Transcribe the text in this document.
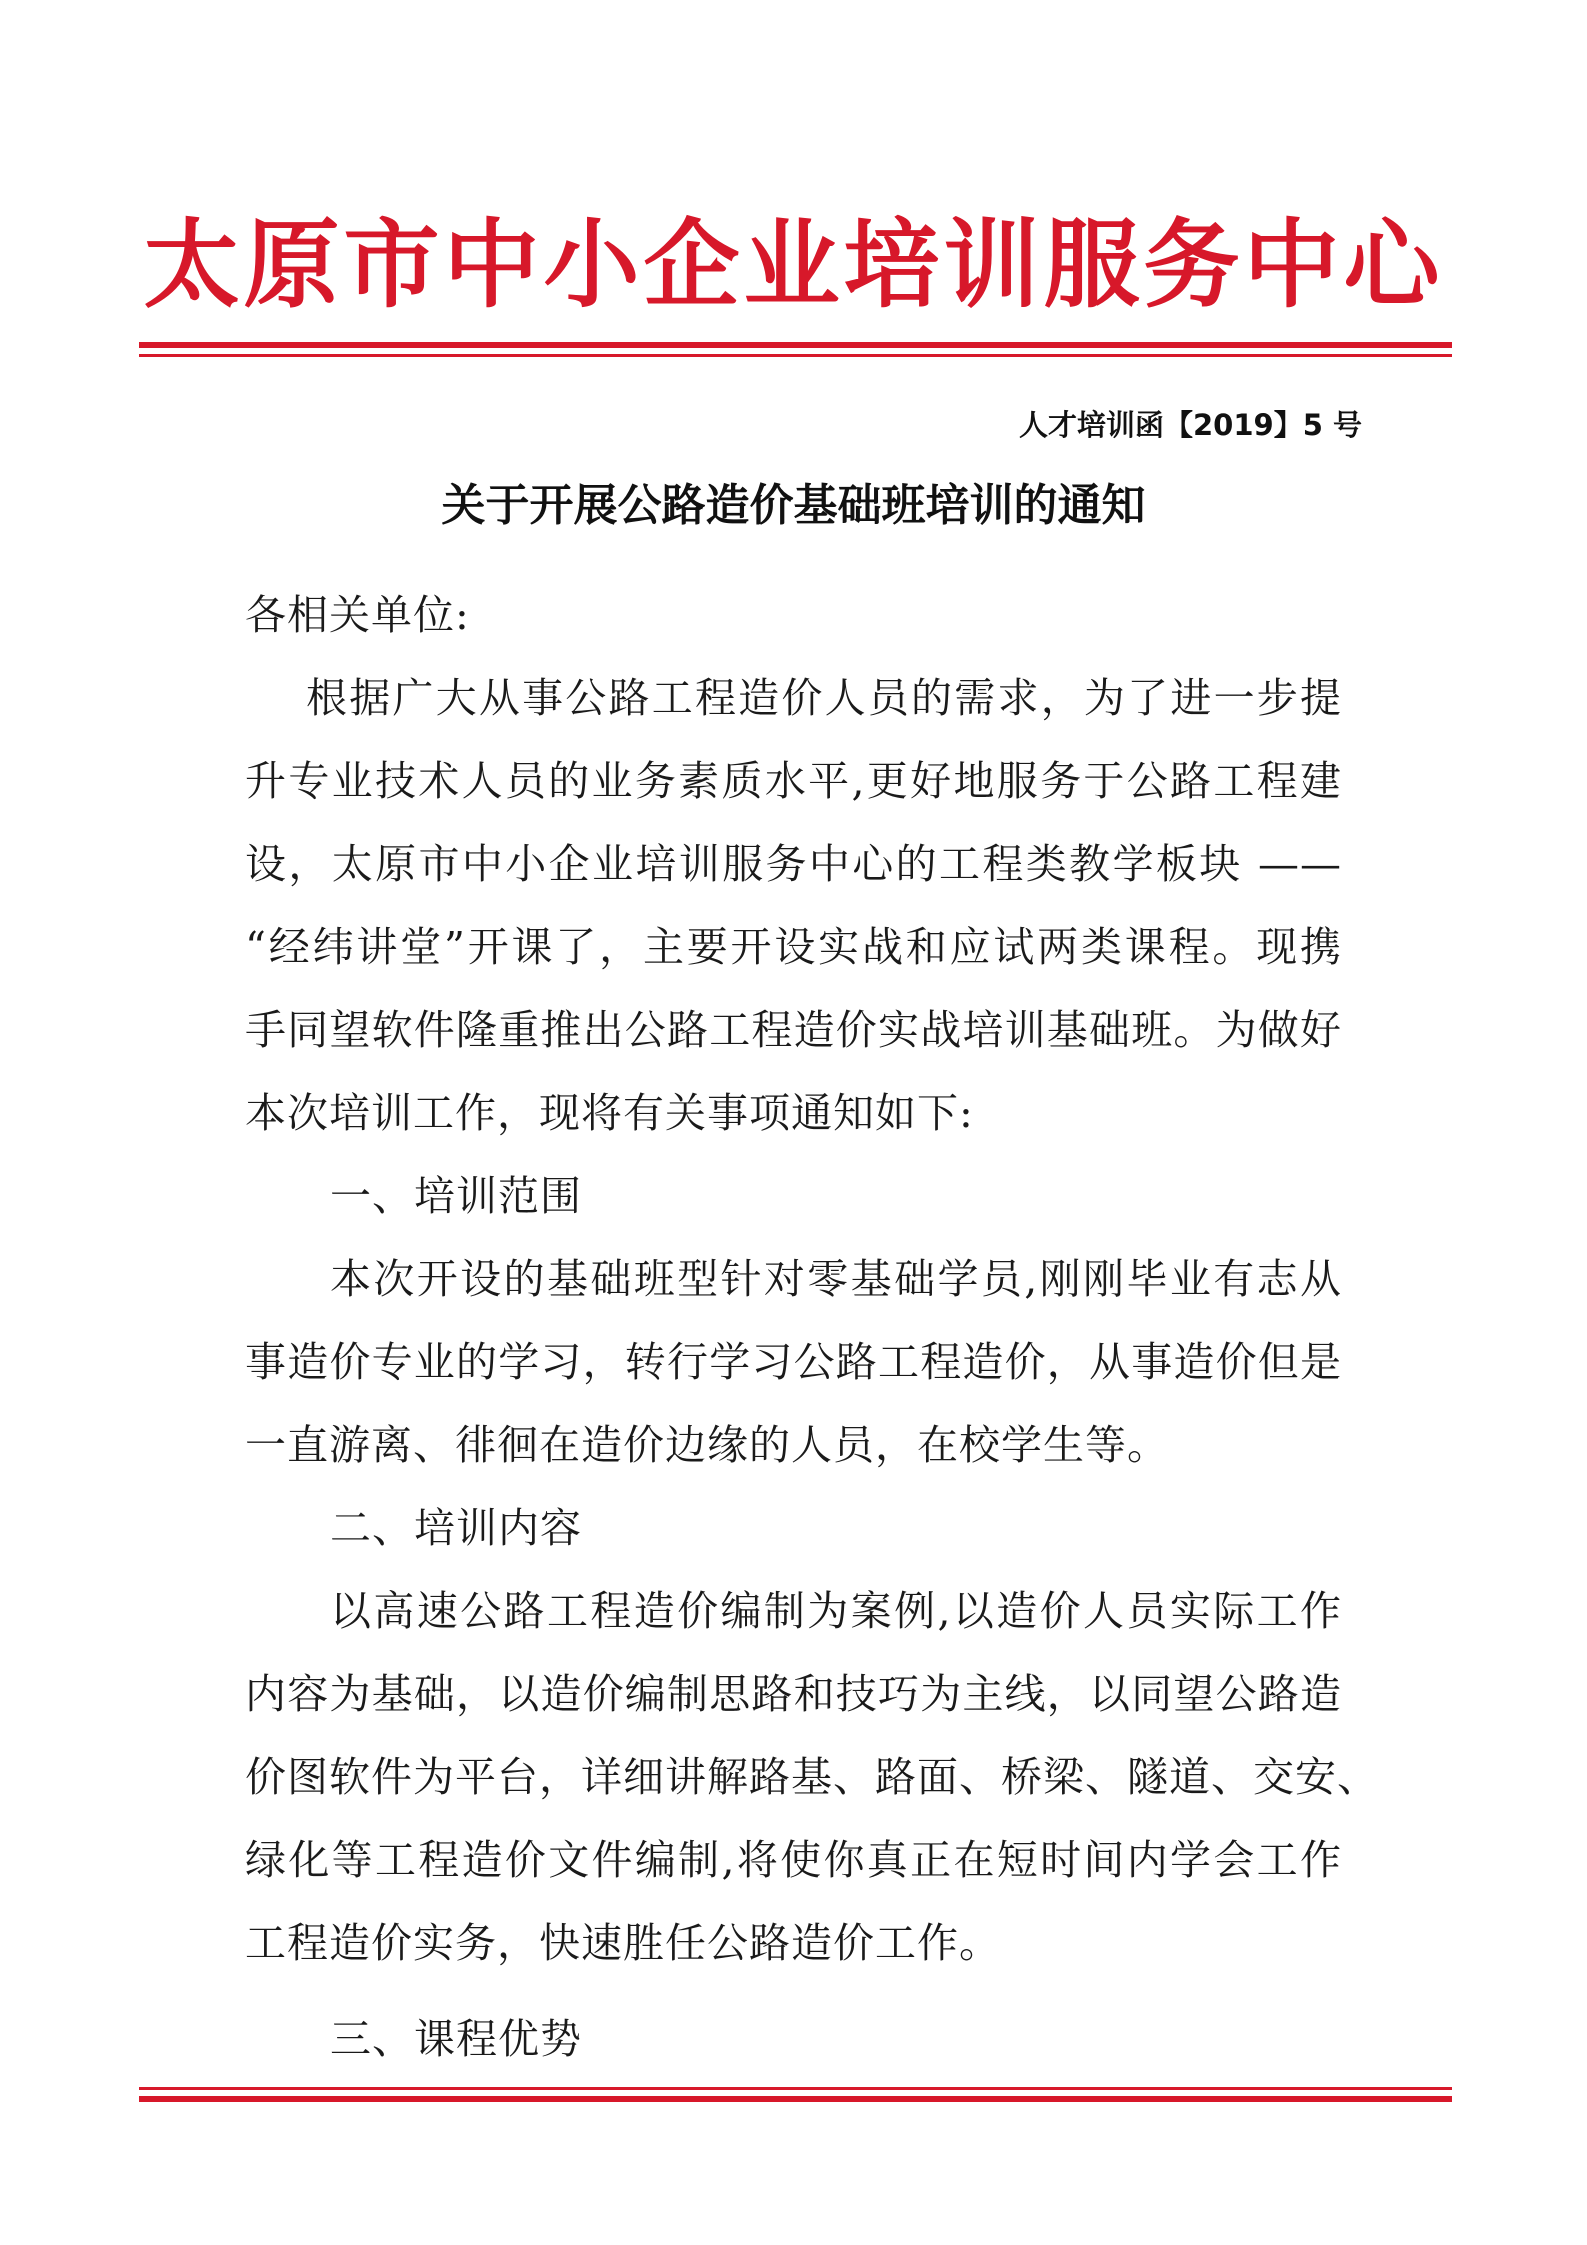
太原市中小企业培训服务中心
人才培训函【2019】5 号
关于开展公路造价基础班培训的通知
各相关单位:
根据广大从事公路工程造价人员的需求，为了进一步提
升专业技术人员的业务素质水平,更好地服务于公路工程建
设，太原市中小企业培训服务中心的工程类教学板块 ——
“经纬讲堂”开课了，主要开设实战和应试两类课程。现携
手同望软件隆重推出公路工程造价实战培训基础班。为做好
本次培训工作，现将有关事项通知如下:
一、培训范围
本次开设的基础班型针对零基础学员,刚刚毕业有志从
事造价专业的学习，转行学习公路工程造价，从事造价但是
一直游离、徘徊在造价边缘的人员，在校学生等。
二、培训内容
以高速公路工程造价编制为案例,以造价人员实际工作
内容为基础，以造价编制思路和技巧为主线，以同望公路造
价图软件为平台，详细讲解路基、路面、桥梁、隧道、交安、
绿化等工程造价文件编制,将使你真正在短时间内学会工作
工程造价实务，快速胜任公路造价工作。
三、课程优势
